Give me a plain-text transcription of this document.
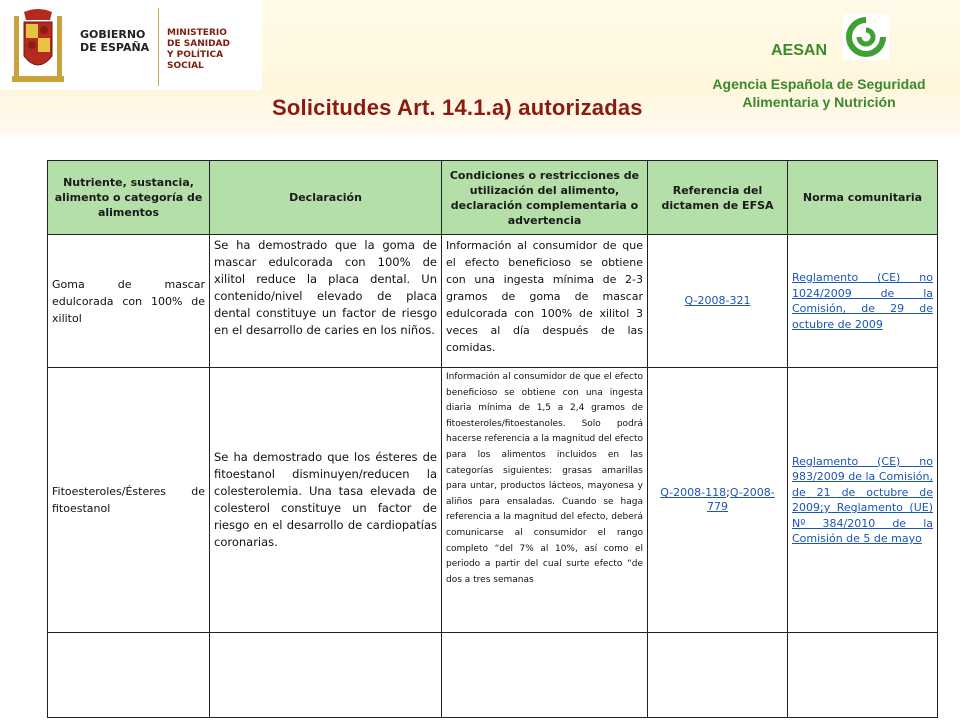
GOBIERNO
DE ESPAÑA
MINISTERIO
DE SANIDAD
Y POLÍTICA SOCIAL
AESAN
Agencia Española de Seguridad
Alimentaria y Nutrición
Solicitudes Art. 14.1.a) autorizadas
Nutriente, sustancia, alimento o categoría de alimentos	Declaración	Condiciones o restricciones de utilización del alimento, declaración complementaria o advertencia	Referencia del dictamen de EFSA	Norma comunitaria
Goma de mascar edulcorada con 100% de xilitol	Se ha demostrado que la goma de mascar edulcorada con 100% de xilitol reduce la placa dental. Un contenido/nivel elevado de placa dental constituye un factor de riesgo en el desarrollo de caries en los niños.	Información al consumidor de que el efecto beneficioso se obtiene con una ingesta mínima de 2-3 gramos de goma de mascar edulcorada con 100% de xilitol 3 veces al día después de las comidas.	Q-2008-321	Reglamento (CE) no 1024/2009 de la Comisión, de 29 de octubre de 2009
Fitoesteroles/Ésteres de fitoestanol	Se ha demostrado que los ésteres de fitoestanol disminuyen/reducen la colesterolemia. Una tasa elevada de colesterol constituye un factor de riesgo en el desarrollo de cardiopatías coronarias.	Información al consumidor de que el efecto beneficioso se obtiene con una ingesta diaria mínima de 1,5 a 2,4 gramos de fitoesteroles/fitoestanoles. Solo podrá hacerse referencia a la magnitud del efecto para los alimentos incluidos en las categorías siguientes: grasas amarillas para untar, productos lácteos, mayonesa y aliños para ensaladas. Cuando se haga referencia a la magnitud del efecto, deberá comunicarse al consumidor el rango completo “del 7% al 10%, así como el periodo a partir del cual surte efecto “de dos a tres semanas	Q-2008-118;Q-2008-779	Reglamento (CE) no 983/2009 de la Comisión, de 21 de octubre de 2009;y Reglamento (UE) Nº 384/2010 de la Comisión de 5 de mayo
